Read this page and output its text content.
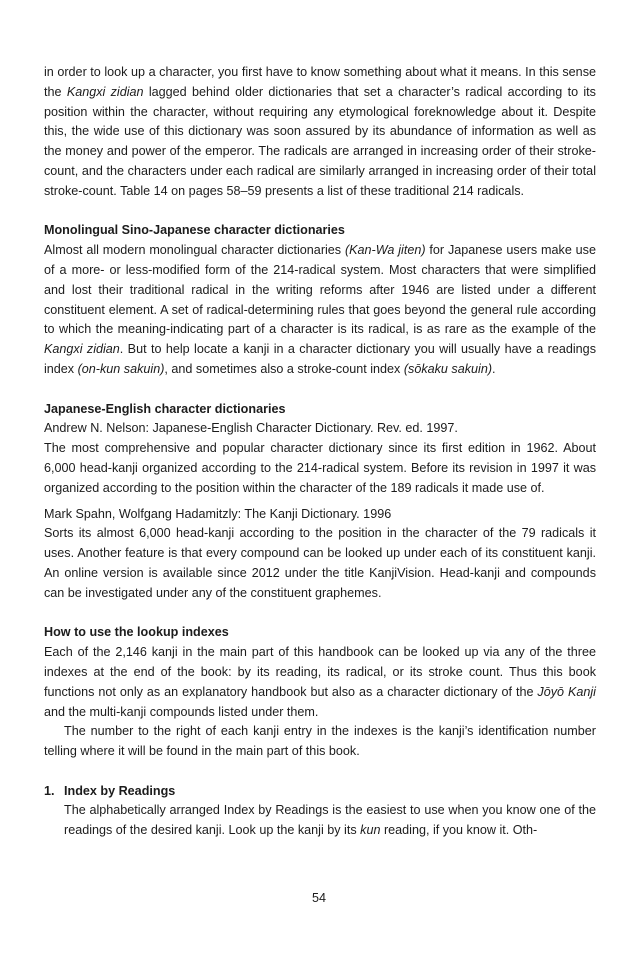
in order to look up a character, you first have to know something about what it means. In this sense the Kangxi zidian lagged behind older dictionaries that set a character’s radical according to its position within the character, without requiring any etymological foreknowledge about it. Despite this, the wide use of this dictionary was soon assured by its abundance of information as well as the money and power of the emperor. The radicals are arranged in increasing order of their stroke-count, and the characters under each radical are similarly arranged in increasing order of their total stroke-count. Table 14 on pages 58–59 presents a list of these traditional 214 radicals.

Monolingual Sino-Japanese character dictionaries

Almost all modern monolingual character dictionaries (Kan-Wa jiten) for Japanese users make use of a more- or less-modified form of the 214-radical system. Most characters that were simplified and lost their traditional radical in the writing reforms after 1946 are listed under a different constituent element. A set of radical-determining rules that goes beyond the general rule according to which the meaning-indicating part of a character is its radical, is as rare as the example of the Kangxi zidian. But to help locate a kanji in a character dictionary you will usually have a readings index (on-kun sakuin), and sometimes also a stroke-count index (sōkaku sakuin).

Japanese-English character dictionaries

Andrew N. Nelson: Japanese-English Character Dictionary. Rev. ed. 1997.

The most comprehensive and popular character dictionary since its first edition in 1962. About 6,000 head-kanji organized according to the 214-radical system. Before its revision in 1997 it was organized according to the position within the character of the 189 radicals it made use of.

Mark Spahn, Wolfgang Hadamitzly: The Kanji Dictionary. 1996

Sorts its almost 6,000 head-kanji according to the position in the character of the 79 radicals it uses. Another feature is that every compound can be looked up under each of its constituent kanji. An online version is available since 2012 under the title KanjiVision. Head-kanji and compounds can be investigated under any of the constituent graphemes.

How to use the lookup indexes

Each of the 2,146 kanji in the main part of this handbook can be looked up via any of the three indexes at the end of the book: by its reading, its radical, or its stroke count. Thus this book functions not only as an explanatory handbook but also as a character dictionary of the Jōyō Kanji and the multi-kanji compounds listed under them.

The number to the right of each kanji entry in the indexes is the kanji’s identification number telling where it will be found in the main part of this book.

1. Index by Readings

The alphabetically arranged Index by Readings is the easiest to use when you know one of the readings of the desired kanji. Look up the kanji by its kun reading, if you know it. Oth-

54
